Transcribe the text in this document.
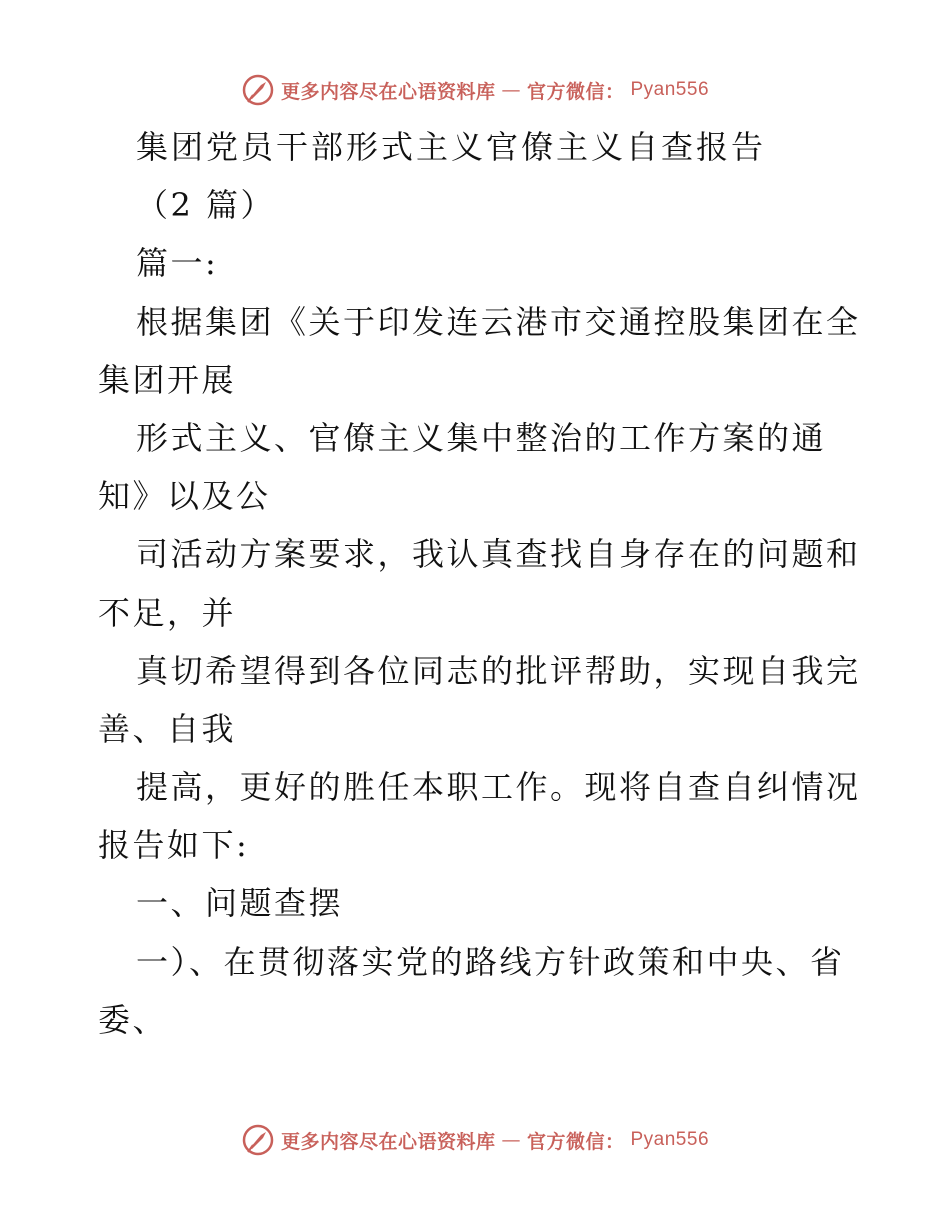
更多内容尽在心语资料库 — 官方微信： Pyan556
集团党员干部形式主义官僚主义自查报告
（2 篇）
篇一:
根据集团《关于印发连云港市交通控股集团在全
集团开展
形式主义、官僚主义集中整治的工作方案的通
知》以及公
司活动方案要求，我认真查找自身存在的问题和
不足，并
真切希望得到各位同志的批评帮助，实现自我完
善、自我
提高，更好的胜任本职工作。现将自查自纠情况
报告如下:
一、问题查摆
一）、在贯彻落实党的路线方针政策和中央、省
委、
更多内容尽在心语资料库 — 官方微信： Pyan556
